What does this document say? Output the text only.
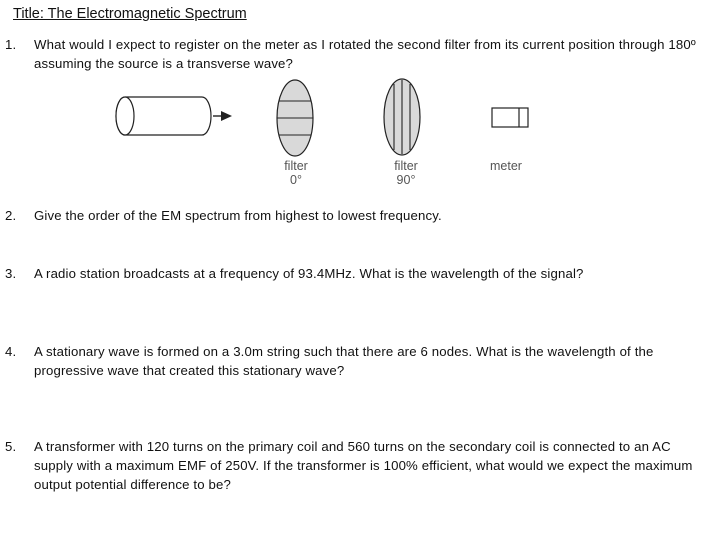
Title: The Electromagnetic Spectrum
1. What would I expect to register on the meter as I rotated the second filter from its current position through 180º assuming the source is a transverse wave?
filter
0°
filter
90°
meter
2. Give the order of the EM spectrum from highest to lowest frequency.
3. A radio station broadcasts at a frequency of 93.4MHz. What is the wavelength of the signal?
4. A stationary wave is formed on a 3.0m string such that there are 6 nodes. What is the wavelength of the progressive wave that created this stationary wave?
5. A transformer with 120 turns on the primary coil and 560 turns on the secondary coil is connected to an AC supply with a maximum EMF of 250V. If the transformer is 100% efficient, what would we expect the maximum output potential difference to be?
